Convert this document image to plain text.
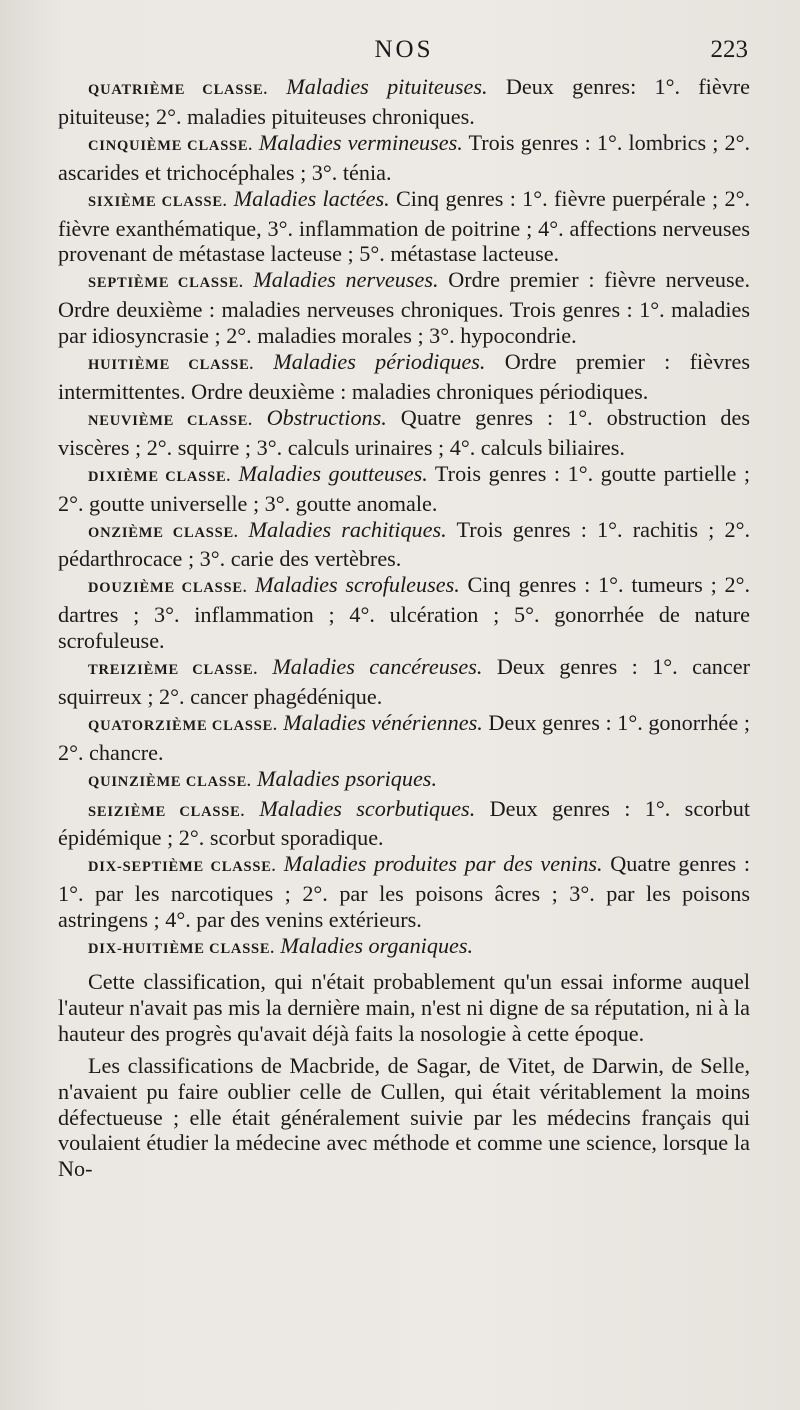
NOS	223

QUATRIÈME CLASSE. Maladies pituiteuses. Deux genres: 1°. fièvre pituiteuse; 2°. maladies pituiteuses chroniques.

CINQUIÈME CLASSE. Maladies vermineuses. Trois genres : 1°. lombrics ; 2°. ascarides et trichocéphales ; 3°. ténia.

SIXIÈME CLASSE. Maladies lactées. Cinq genres : 1°. fièvre puerpérale ; 2°. fièvre exanthématique, 3°. inflammation de poitrine ; 4°. affections nerveuses provenant de métastase lacteuse ; 5°. métastase lacteuse.

SEPTIÈME CLASSE. Maladies nerveuses. Ordre premier : fièvre nerveuse. Ordre deuxième : maladies nerveuses chroniques. Trois genres : 1°. maladies par idiosyncrasie ; 2°. maladies morales ; 3°. hypocondrie.

HUITIÈME CLASSE. Maladies périodiques. Ordre premier : fièvres intermittentes. Ordre deuxième : maladies chroniques périodiques.

NEUVIÈME CLASSE. Obstructions. Quatre genres : 1°. obstruction des viscères ; 2°. squirre ; 3°. calculs urinaires ; 4°. calculs biliaires.

DIXIÈME CLASSE. Maladies goutteuses. Trois genres : 1°. goutte partielle ; 2°. goutte universelle ; 3°. goutte anomale.

ONZIÈME CLASSE. Maladies rachitiques. Trois genres : 1°. rachitis ; 2°. pédarthrocace ; 3°. carie des vertèbres.

DOUZIÈME CLASSE. Maladies scrofuleuses. Cinq genres : 1°. tumeurs ; 2°. dartres ; 3°. inflammation ; 4°. ulcération ; 5°. gonorrhée de nature scrofuleuse.

TREIZIÈME CLASSE. Maladies cancéreuses. Deux genres : 1°. cancer squirreux ; 2°. cancer phagédénique.

QUATORZIÈME CLASSE. Maladies vénériennes. Deux genres : 1°. gonorrhée ; 2°. chancre.

QUINZIÈME CLASSE. Maladies psoriques.

SEIZIÈME CLASSE. Maladies scorbutiques. Deux genres : 1°. scorbut épidémique ; 2°. scorbut sporadique.

DIX-SEPTIÈME CLASSE. Maladies produites par des venins. Quatre genres : 1°. par les narcotiques ; 2°. par les poisons âcres ; 3°. par les poisons astringens ; 4°. par des venins extérieurs.

DIX-HUITIÈME CLASSE. Maladies organiques.

Cette classification, qui n'était probablement qu'un essai informe auquel l'auteur n'avait pas mis la dernière main, n'est ni digne de sa réputation, ni à la hauteur des progrès qu'avait déjà faits la nosologie à cette époque.

Les classifications de Macbride, de Sagar, de Vitet, de Darwin, de Selle, n'avaient pu faire oublier celle de Cullen, qui était véritablement la moins défectueuse ; elle était généralement suivie par les médecins français qui voulaient étudier la médecine avec méthode et comme une science, lorsque la No-
